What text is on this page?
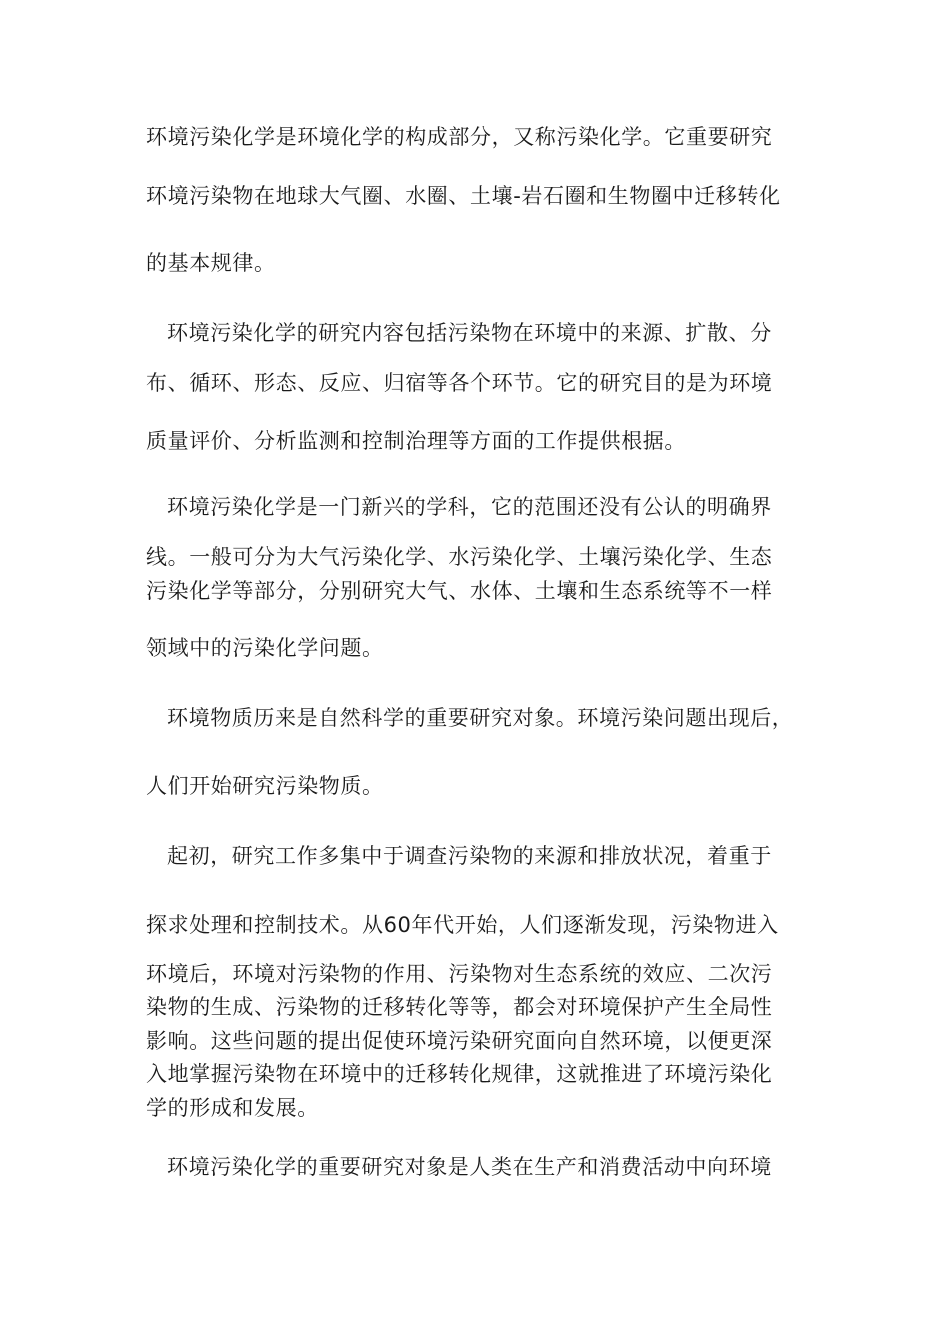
环境污染化学是环境化学的构成部分，又称污染化学。它重要研究
环境污染物在地球大气圈、水圈、土壤-岩石圈和生物圈中迁移转化
的基本规律。
环境污染化学的研究内容包括污染物在环境中的来源、扩散、分
布、循环、形态、反应、归宿等各个环节。它的研究目的是为环境
质量评价、分析监测和控制治理等方面的工作提供根据。
环境污染化学是一门新兴的学科，它的范围还没有公认的明确界
线。一般可分为大气污染化学、水污染化学、土壤污染化学、生态
污染化学等部分，分别研究大气、水体、土壤和生态系统等不一样
领域中的污染化学问题。
环境物质历来是自然科学的重要研究对象。环境污染问题出现后，
人们开始研究污染物质。
起初，研究工作多集中于调查污染物的来源和排放状况，着重于
探求处理和控制技术。从60年代开始，人们逐渐发现，污染物进入
环境后，环境对污染物的作用、污染物对生态系统的效应、二次污
染物的生成、污染物的迁移转化等等，都会对环境保护产生全局性
影响。这些问题的提出促使环境污染研究面向自然环境，以便更深
入地掌握污染物在环境中的迁移转化规律，这就推进了环境污染化
学的形成和发展。
环境污染化学的重要研究对象是人类在生产和消费活动中向环境
